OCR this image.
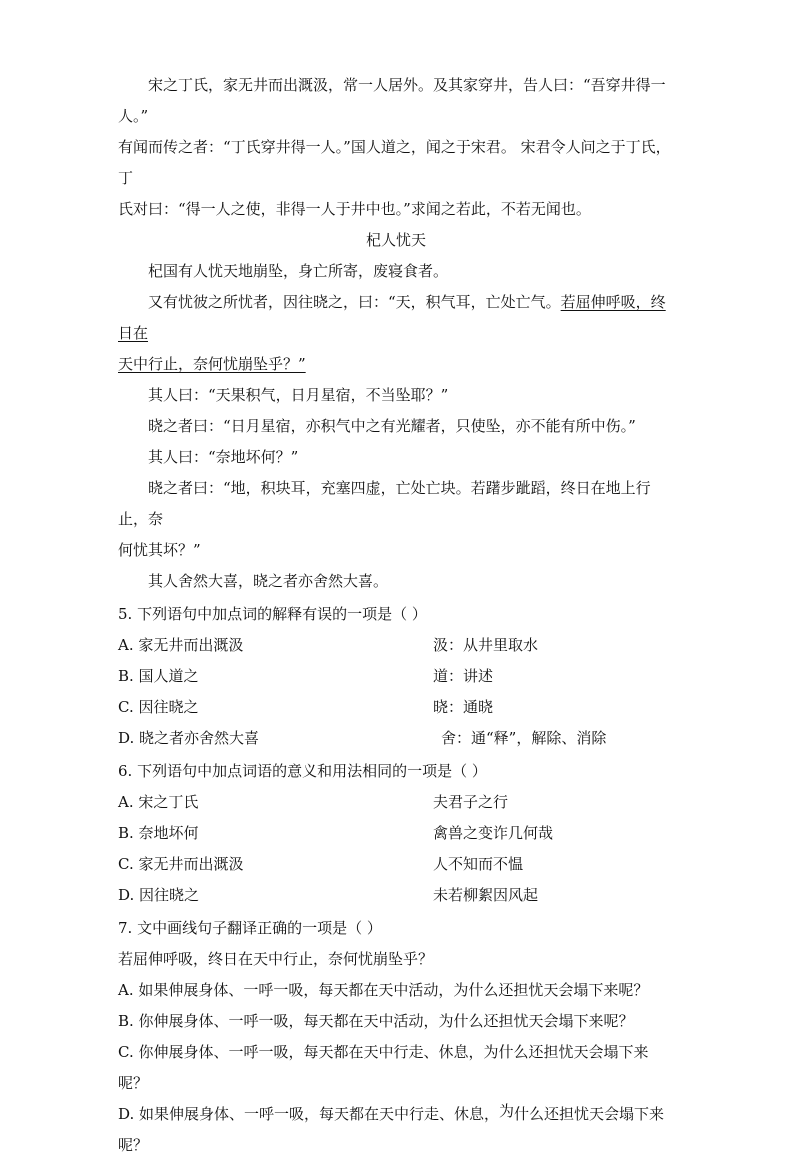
宋之丁氏，家无井而出溉汲，常一人居外。及其家穿井，告人曰：“吾穿井得一人。”
有闻而传之者：“丁氏穿井得一人。”国人道之，闻之于宋君。 宋君令人问之于丁氏，丁
氏对曰：“得一人之使，非得一人于井中也。”求闻之若此，不若无闻也。
杞人忧天
杞国有人忧天地崩坠，身亡所寄，废寝食者。
又有忧彼之所忧者，因往晓之，曰：“天，积气耳，亡处亡气。若屈伸呼吸，终日在
天中行止，奈何忧崩坠乎？”
其人曰：“天果积气，日月星宿，不当坠耶？”
晓之者曰：“日月星宿，亦积气中之有光耀者，只使坠，亦不能有所中伤。”
其人曰：“奈地坏何？”
晓之者曰：“地，积块耳，充塞四虚，亡处亡块。若躇步跐蹈，终日在地上行止，奈
何忧其坏？”
其人舍然大喜，晓之者亦舍然大喜。
5. 下列语句中加点词的解释有误的一项是（ ）
A. 家无井而出溉汲	汲：从井里取水
B. 国人道之	道：讲述
C. 因往晓之	晓：通晓
D. 晓之者亦舍然大喜	舍：通“释”，解除、消除
6. 下列语句中加点词语的意义和用法相同的一项是（ ）
A. 宋之丁氏	夫君子之行
B. 奈地坏何	禽兽之变诈几何哉
C. 家无井而出溉汲	人不知而不愠
D. 因往晓之	未若柳絮因风起
7. 文中画线句子翻译正确的一项是（ ）
若屈伸呼吸，终日在天中行止，奈何忧崩坠乎？
A. 如果伸展身体、一呼一吸，每天都在天中活动，为什么还担忧天会塌下来呢？
B. 你伸展身体、一呼一吸，每天都在天中活动，为什么还担忧天会塌下来呢？
C. 你伸展身体、一呼一吸，每天都在天中行走、休息，为什么还担忧天会塌下来呢？
D. 如果伸展身体、一呼一吸，每天都在天中行走、休息，为什么还担忧天会塌下来呢？
